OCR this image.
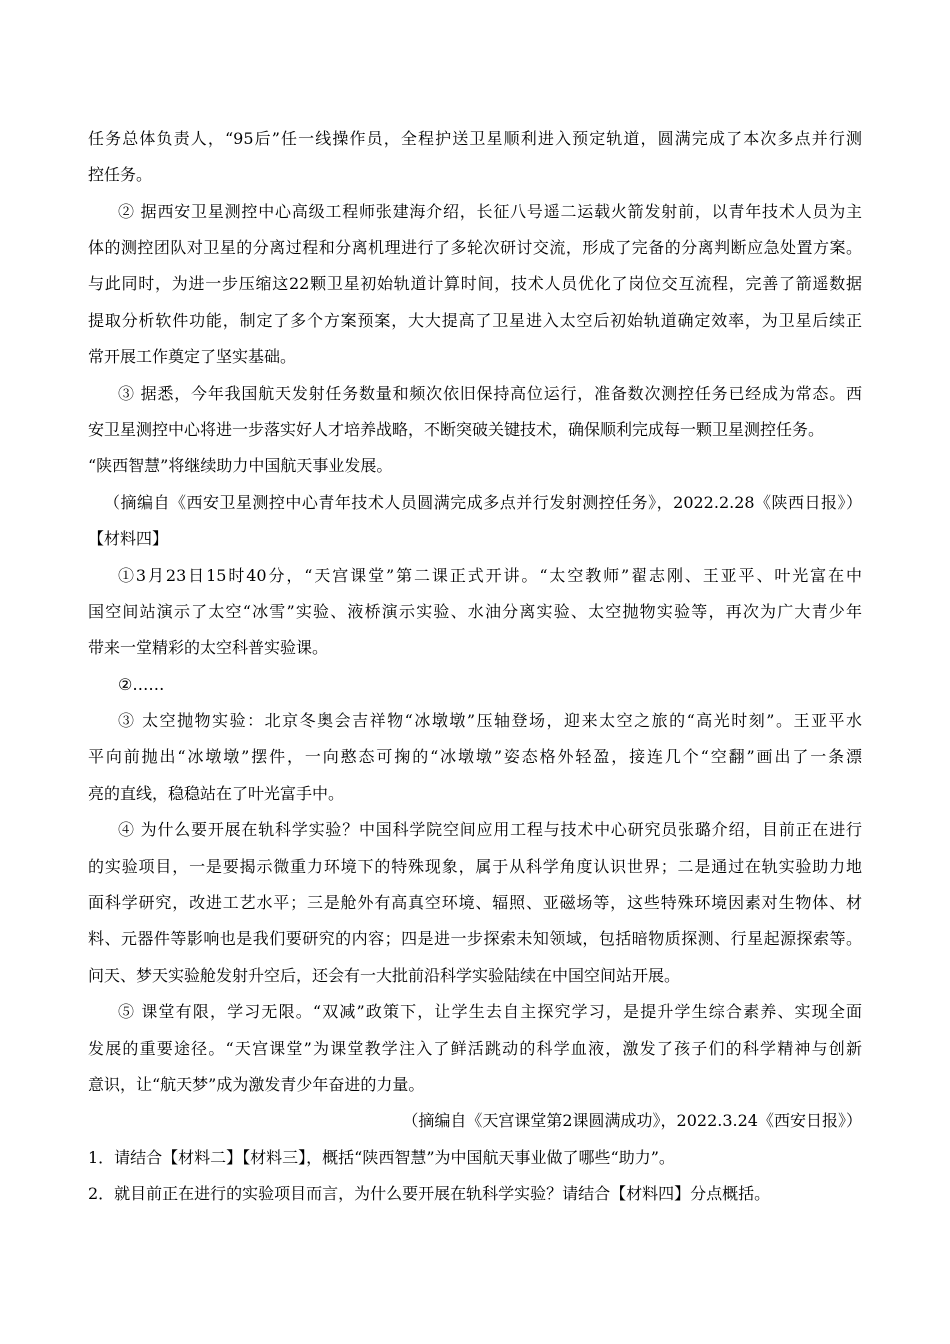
任务总体负责人，“95后”任一线操作员，全程护送卫星顺利进入预定轨道，圆满完成了本次多点并行测
控任务。
② 据西安卫星测控中心高级工程师张建海介绍，长征八号遥二运载火箭发射前，以青年技术人员为主
体的测控团队对卫星的分离过程和分离机理进行了多轮次研讨交流，形成了完备的分离判断应急处置方案。
与此同时，为进一步压缩这22颗卫星初始轨道计算时间，技术人员优化了岗位交互流程，完善了箭遥数据
提取分析软件功能，制定了多个方案预案，大大提高了卫星进入太空后初始轨道确定效率，为卫星后续正
常开展工作奠定了坚实基础。
③ 据悉，今年我国航天发射任务数量和频次依旧保持高位运行，准备数次测控任务已经成为常态。西
安卫星测控中心将进一步落实好人才培养战略，不断突破关键技术，确保顺利完成每一颗卫星测控任务。
“陕西智慧”将继续助力中国航天事业发展。
（摘编自《西安卫星测控中心青年技术人员圆满完成多点并行发射测控任务》，2022.2.28《陕西日报》）
【材料四】
①3月23日15时40分，“天宫课堂”第二课正式开讲。“太空教师”翟志刚、王亚平、叶光富在中
国空间站演示了太空“冰雪”实验、液桥演示实验、水油分离实验、太空抛物实验等，再次为广大青少年
带来一堂精彩的太空科普实验课。
②……
③ 太空抛物实验：北京冬奥会吉祥物“冰墩墩”压轴登场，迎来太空之旅的“高光时刻”。王亚平水
平向前抛出“冰墩墩”摆件，一向憨态可掬的“冰墩墩”姿态格外轻盈，接连几个“空翻”画出了一条漂
亮的直线，稳稳站在了叶光富手中。
④ 为什么要开展在轨科学实验？中国科学院空间应用工程与技术中心研究员张璐介绍，目前正在进行
的实验项目，一是要揭示微重力环境下的特殊现象，属于从科学角度认识世界；二是通过在轨实验助力地
面科学研究，改进工艺水平；三是舱外有高真空环境、辐照、亚磁场等，这些特殊环境因素对生物体、材
料、元器件等影响也是我们要研究的内容；四是进一步探索未知领域，包括暗物质探测、行星起源探索等。
问天、梦天实验舱发射升空后，还会有一大批前沿科学实验陆续在中国空间站开展。
⑤ 课堂有限，学习无限。“双减”政策下，让学生去自主探究学习，是提升学生综合素养、实现全面
发展的重要途径。“天宫课堂”为课堂教学注入了鲜活跳动的科学血液，激发了孩子们的科学精神与创新
意识，让“航天梦”成为激发青少年奋进的力量。
（摘编自《天宫课堂第2课圆满成功》，2022.3.24《西安日报》）
1．请结合【材料二】【材料三】，概括“陕西智慧”为中国航天事业做了哪些“助力”。
2．就目前正在进行的实验项目而言，为什么要开展在轨科学实验？请结合【材料四】分点概括。
